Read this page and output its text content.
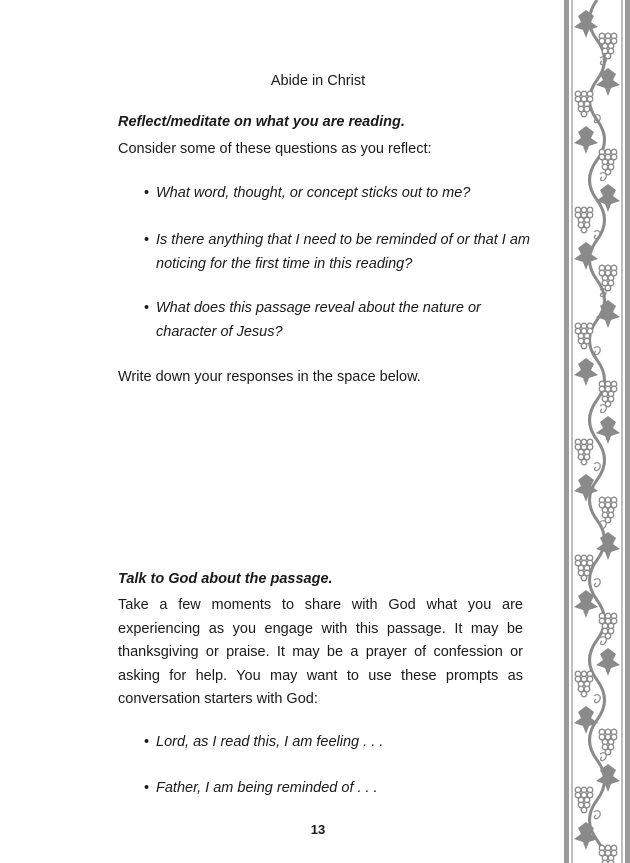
Abide in Christ
Reflect/meditate on what you are reading.
Consider some of these questions as you reflect:
• What word, thought, or concept sticks out to me?
• Is there anything that I need to be reminded of or that I am noticing for the first time in this reading?
• What does this passage reveal about the nature or character of Jesus?
Write down your responses in the space below.
Talk to God about the passage.
Take a few moments to share with God what you are experiencing as you engage with this passage. It may be thanksgiving or praise. It may be a prayer of confession or asking for help. You may want to use these prompts as conversation starters with God:
• Lord, as I read this, I am feeling . . .
• Father, I am being reminded of . . .
13
